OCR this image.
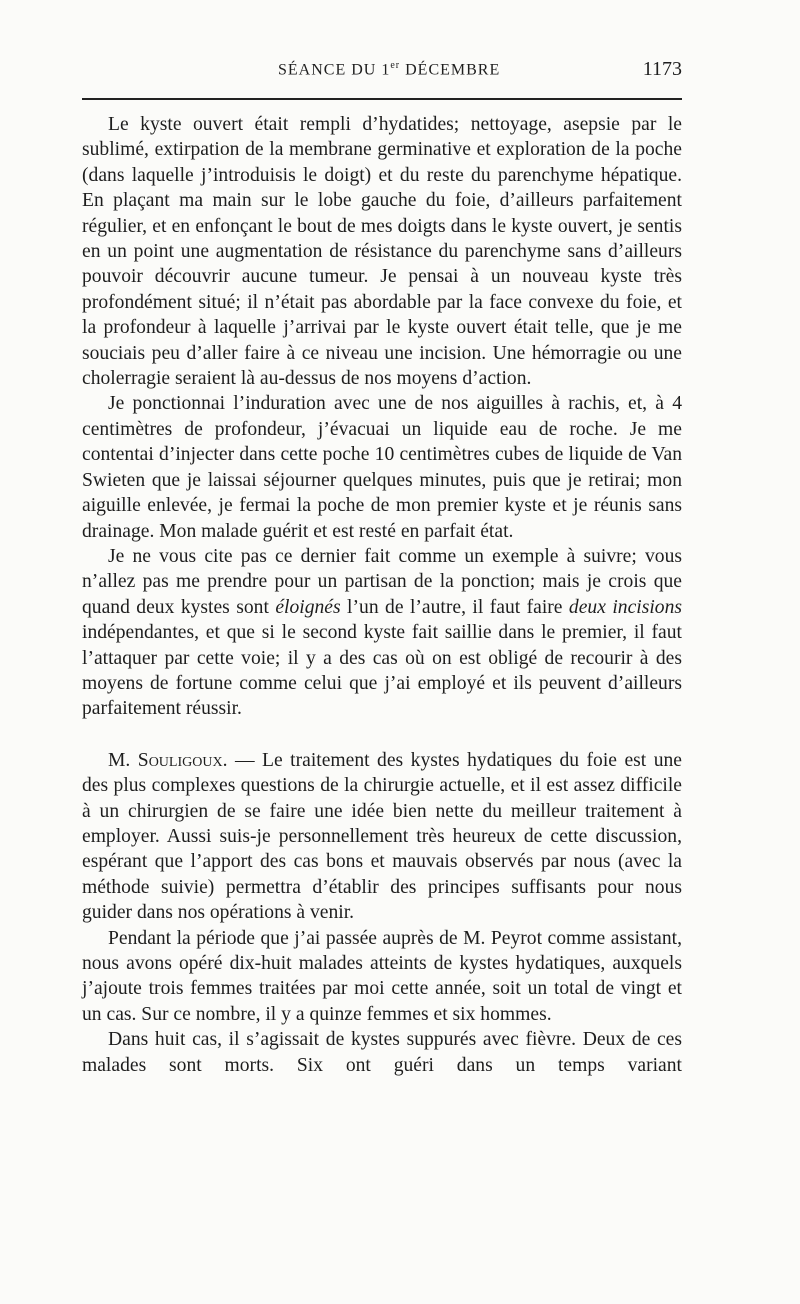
SÉANCE DU 1er DÉCEMBRE	1173

Le kyste ouvert était rempli d’hydatides; nettoyage, asepsie par le sublimé, extirpation de la membrane germinative et exploration de la poche (dans laquelle j’introduisis le doigt) et du reste du parenchyme hépatique. En plaçant ma main sur le lobe gauche du foie, d’ailleurs parfaitement régulier, et en enfonçant le bout de mes doigts dans le kyste ouvert, je sentis en un point une augmentation de résistance du parenchyme sans d’ailleurs pouvoir découvrir aucune tumeur. Je pensai à un nouveau kyste très profondément situé; il n’était pas abordable par la face convexe du foie, et la profondeur à laquelle j’arrivai par le kyste ouvert était telle, que je me souciais peu d’aller faire à ce niveau une incision. Une hémorragie ou une cholerragie seraient là au-dessus de nos moyens d’action.

Je ponctionnai l’induration avec une de nos aiguilles à rachis, et, à 4 centimètres de profondeur, j’évacuai un liquide eau de roche. Je me contentai d’injecter dans cette poche 10 centimètres cubes de liquide de Van Swieten que je laissai séjourner quelques minutes, puis que je retirai; mon aiguille enlevée, je fermai la poche de mon premier kyste et je réunis sans drainage. Mon malade guérit et est resté en parfait état.

Je ne vous cite pas ce dernier fait comme un exemple à suivre; vous n’allez pas me prendre pour un partisan de la ponction; mais je crois que quand deux kystes sont éloignés l’un de l’autre, il faut faire deux incisions indépendantes, et que si le second kyste fait saillie dans le premier, il faut l’attaquer par cette voie; il y a des cas où on est obligé de recourir à des moyens de fortune comme celui que j’ai employé et ils peuvent d’ailleurs parfaitement réussir.

M. Souligoux. — Le traitement des kystes hydatiques du foie est une des plus complexes questions de la chirurgie actuelle, et il est assez difficile à un chirurgien de se faire une idée bien nette du meilleur traitement à employer. Aussi suis-je personnellement très heureux de cette discussion, espérant que l’apport des cas bons et mauvais observés par nous (avec la méthode suivie) permettra d’établir des principes suffisants pour nous guider dans nos opérations à venir.

Pendant la période que j’ai passée auprès de M. Peyrot comme assistant, nous avons opéré dix-huit malades atteints de kystes hydatiques, auxquels j’ajoute trois femmes traitées par moi cette année, soit un total de vingt et un cas. Sur ce nombre, il y a quinze femmes et six hommes.

Dans huit cas, il s’agissait de kystes suppurés avec fièvre. Deux de ces malades sont morts. Six ont guéri dans un temps variant
